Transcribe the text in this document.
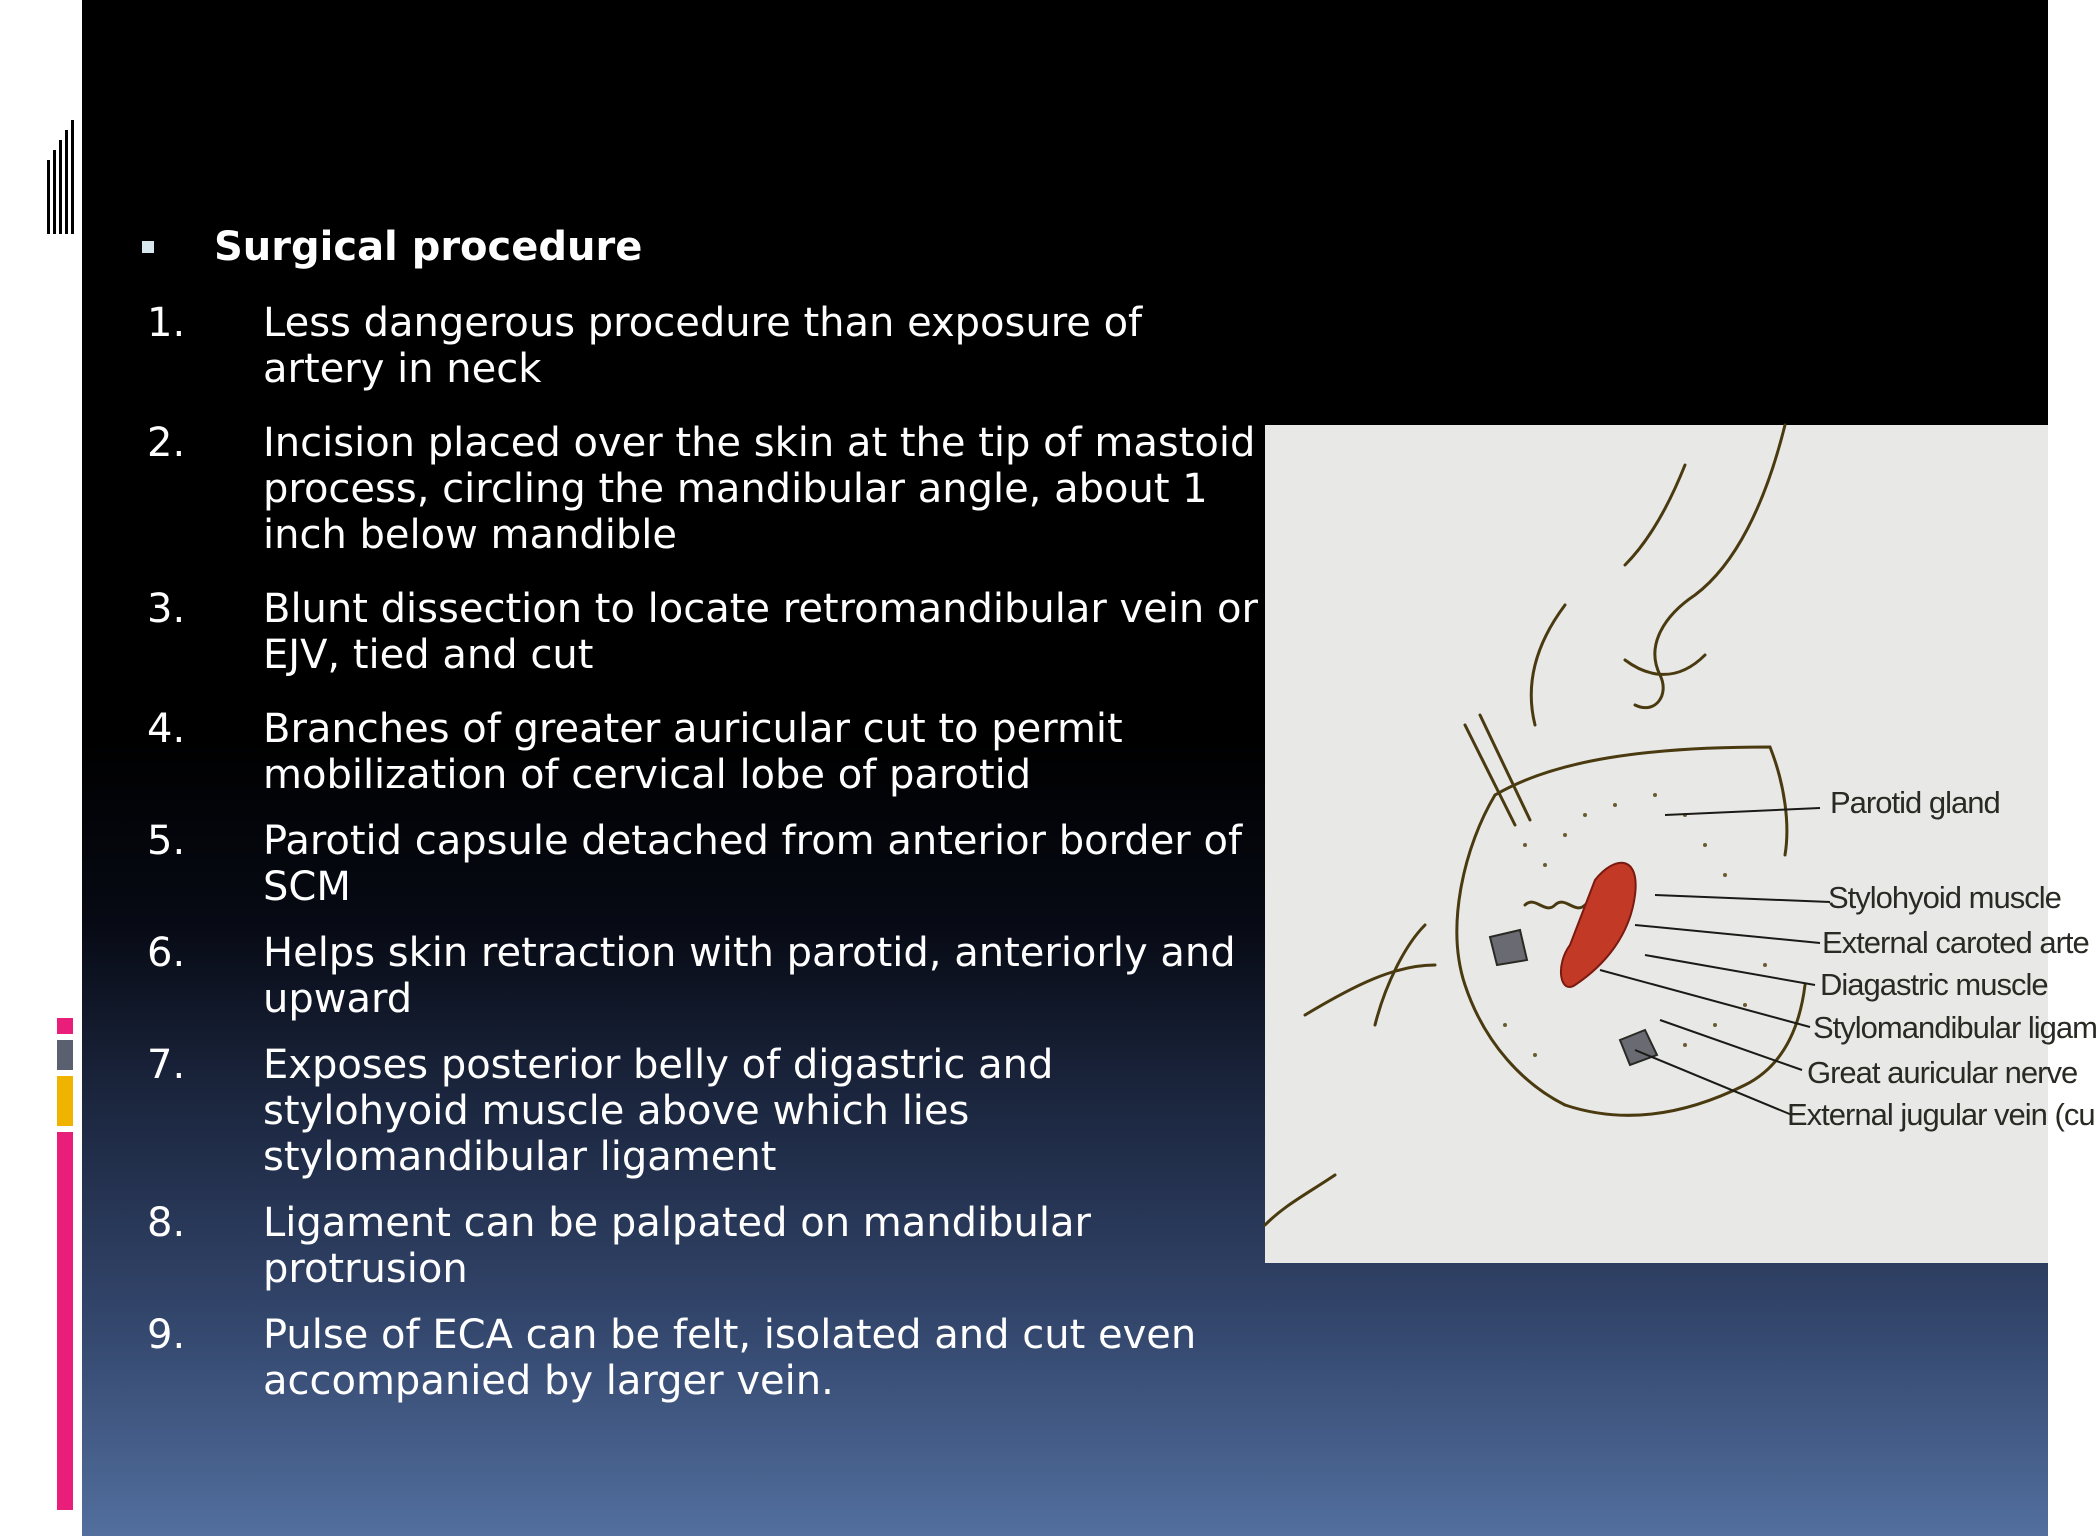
Surgical procedure
1.	Less dangerous procedure than exposure of artery in neck
2.	Incision placed over the skin at the tip of mastoid process, circling the mandibular angle, about 1 inch below mandible
3.	Blunt dissection to locate retromandibular vein or EJV, tied and cut
4.	Branches of greater auricular cut to permit mobilization of cervical lobe of parotid
5.	Parotid capsule detached from anterior border of SCM
6.	Helps skin retraction with parotid, anteriorly and upward
7.	Exposes posterior belly of digastric and stylohyoid muscle above which lies stylomandibular ligament
8.	Ligament can be palpated on mandibular protrusion
9.	Pulse of ECA can be felt, isolated and cut even accompanied by larger vein.
Parotid gland
Stylohyoid muscle
External caroted arte
Diagastric muscle
Stylomandibular ligam
Great auricular nerve
External jugular vein (cu
